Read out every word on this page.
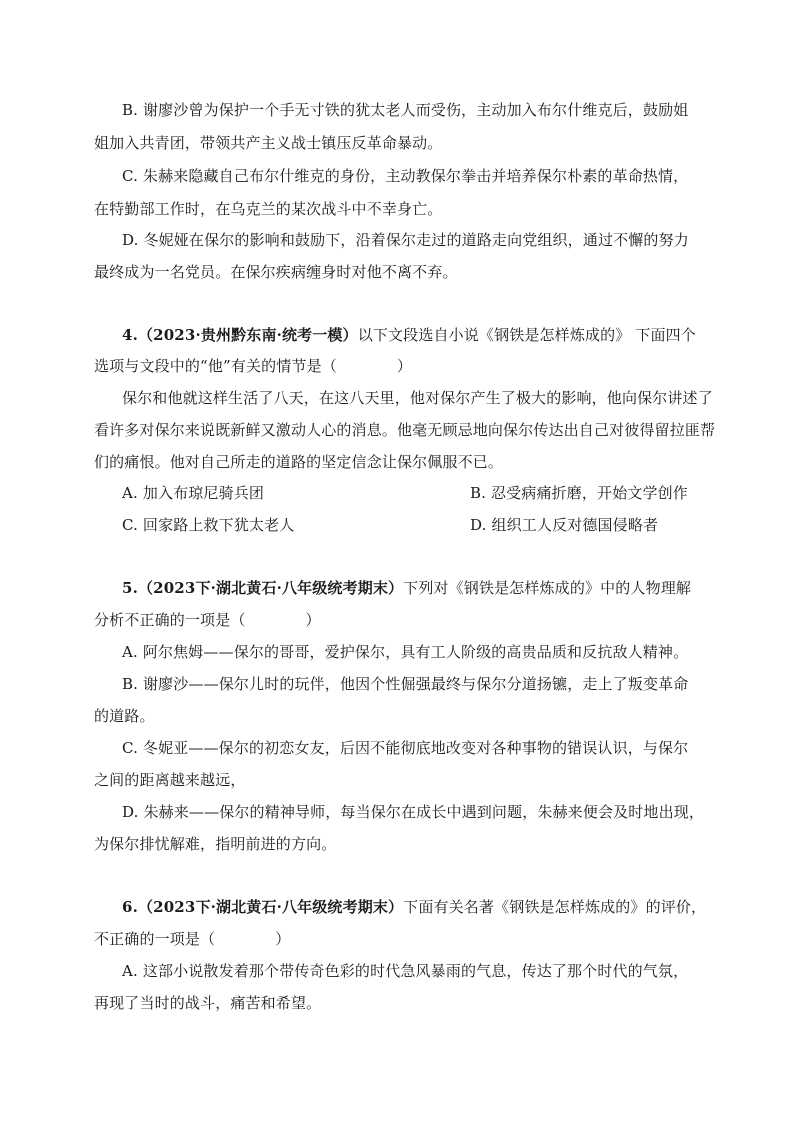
B. 谢廖沙曾为保护一个手无寸铁的犹太老人而受伤，主动加入布尔什维克后，鼓励姐
姐加入共青团，带领共产主义战士镇压反革命暴动。
C. 朱赫来隐藏自己布尔什维克的身份，主动教保尔拳击并培养保尔朴素的革命热情，
在特勤部工作时，在乌克兰的某次战斗中不幸身亡。
D. 冬妮娅在保尔的影响和鼓励下，沿着保尔走过的道路走向党组织，通过不懈的努力
最终成为一名党员。在保尔疾病缠身时对他不离不弃。
4.（2023·贵州黔东南·统考一模）以下文段选自小说《钢铁是怎样炼成的》 下面四个
选项与文段中的“他”有关的情节是（	）
保尔和他就这样生活了八天，在这八天里，他对保尔产生了极大的影响，他向保尔讲述了
看许多对保尔来说既新鲜又激动人心的消息。他毫无顾忌地向保尔传达出自己对彼得留拉匪帮
们的痛恨。他对自己所走的道路的坚定信念让保尔佩服不已。
A. 加入布琼尼骑兵团	B. 忍受病痛折磨，开始文学创作
C. 回家路上救下犹太老人	D. 组织工人反对德国侵略者
5.（2023下·湖北黄石·八年级统考期末）下列对《钢铁是怎样炼成的》中的人物理解
分析不正确的一项是（	）
A. 阿尔焦姆——保尔的哥哥，爱护保尔，具有工人阶级的高贵品质和反抗敌人精神。
B. 谢廖沙——保尔儿时的玩伴，他因个性倔强最终与保尔分道扬镳，走上了叛变革命
的道路。
C. 冬妮亚——保尔的初恋女友，后因不能彻底地改变对各种事物的错误认识，与保尔
之间的距离越来越远，
D. 朱赫来——保尔的精神导师，每当保尔在成长中遇到问题，朱赫来便会及时地出现，
为保尔排忧解难，指明前进的方向。
6.（2023下·湖北黄石·八年级统考期末）下面有关名著《钢铁是怎样炼成的》的评价，
不正确的一项是（	）
A. 这部小说散发着那个带传奇色彩的时代急风暴雨的气息，传达了那个时代的气氛，
再现了当时的战斗，痛苦和希望。
